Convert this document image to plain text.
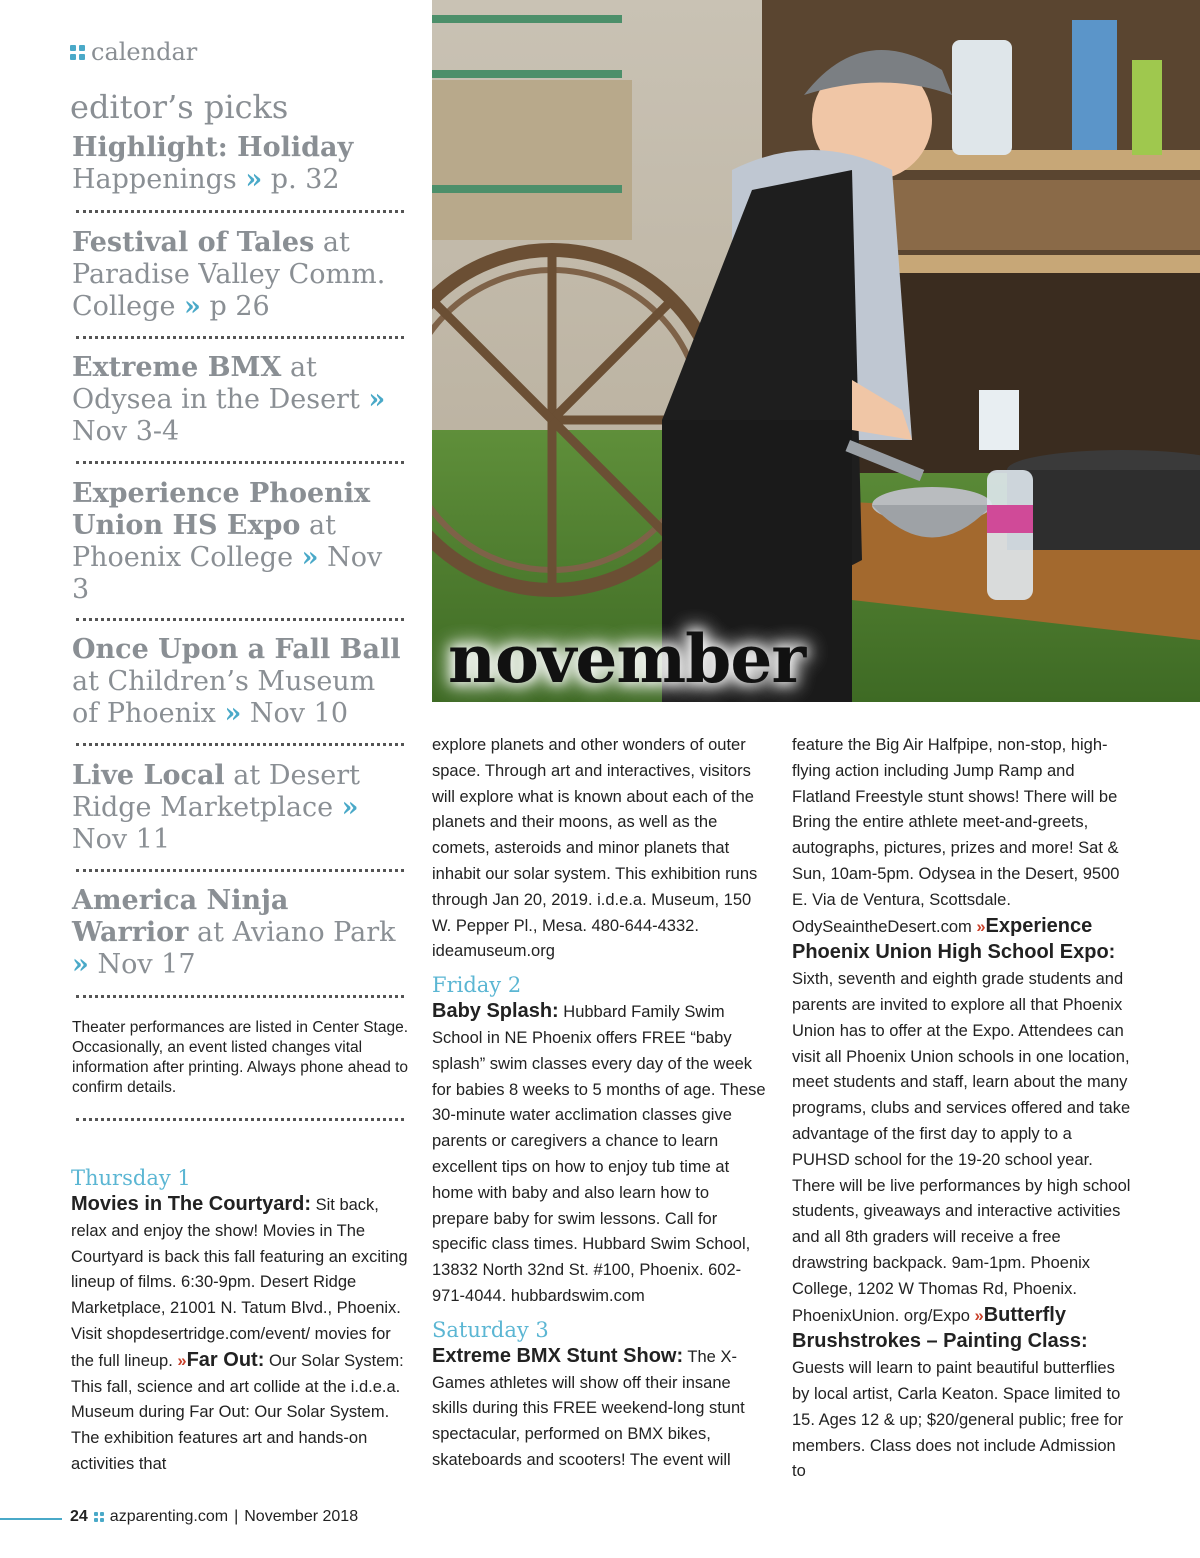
calendar
editor’s picks
Highlight: Holiday Happenings » p. 32
Festival of Tales at Paradise Valley Comm. College » p 26
Extreme BMX at Odysea in the Desert » Nov 3-4
Experience Phoenix Union HS Expo at Phoenix College » Nov 3
Once Upon a Fall Ball at Children’s Museum of Phoenix » Nov 10
Live Local at Desert Ridge Marketplace » Nov 11
America Ninja Warrior at Aviano Park » Nov 17
Theater performances are listed in Center Stage. Occasionally, an event listed changes vital information after printing. Always phone ahead to confirm details.
november

Thursday 1

Movies in The Courtyard: Sit back, relax and enjoy the show! Movies in The Courtyard is back this fall featuring an exciting lineup of films. 6:30-9pm. Desert Ridge Marketplace, 21001 N. Tatum Blvd., Phoenix. Visit shopdesertridge.com/event/ movies for the full lineup. »Far Out: Our Solar System: This fall, science and art collide at the i.d.e.a. Museum during Far Out: Our Solar System. The exhibition features art and hands-on activities that

explore planets and other wonders of outer space. Through art and interactives, visitors will explore what is known about each of the planets and their moons, as well as the comets, asteroids and minor planets that inhabit our solar system. This exhibition runs through Jan 20, 2019. i.d.e.a. Museum, 150 W. Pepper Pl., Mesa. 480-644-4332. ideamuseum.org

Friday 2

Baby Splash: Hubbard Family Swim School in NE Phoenix offers FREE “baby splash” swim classes every day of the week for babies 8 weeks to 5 months of age. These 30-minute water acclimation classes give parents or caregivers a chance to learn excellent tips on how to enjoy tub time at home with baby and also learn how to prepare baby for swim lessons. Call for specific class times. Hubbard Swim School, 13832 North 32nd St. #100, Phoenix. 602-971-4044. hubbardswim.com

Saturday 3

Extreme BMX Stunt Show: The X-Games athletes will show off their insane skills during this FREE weekend-long stunt spectacular, performed on BMX bikes, skateboards and scooters! The event will

feature the Big Air Halfpipe, non-stop, high-flying action including Jump Ramp and Flatland Freestyle stunt shows! There will be Bring the entire athlete meet-and-greets, autographs, pictures, prizes and more! Sat & Sun, 10am-5pm. Odysea in the Desert, 9500 E. Via de Ventura, Scottsdale. OdySeaintheDesert.com »Experience Phoenix Union High School Expo: Sixth, seventh and eighth grade students and parents are invited to explore all that Phoenix Union has to offer at the Expo. Attendees can visit all Phoenix Union schools in one location, meet students and staff, learn about the many programs, clubs and services offered and take advantage of the first day to apply to a PUHSD school for the 19-20 school year. There will be live performances by high school students, giveaways and interactive activities and all 8th graders will receive a free drawstring backpack. 9am-1pm. Phoenix College, 1202 W Thomas Rd, Phoenix. PhoenixUnion. org/Expo »Butterfly Brushstrokes – Painting Class: Guests will learn to paint beautiful butterflies by local artist, Carla Keaton. Space limited to 15. Ages 12 & up; $20/general public; free for members. Class does not include Admission to

24 azparenting.com | November 2018
